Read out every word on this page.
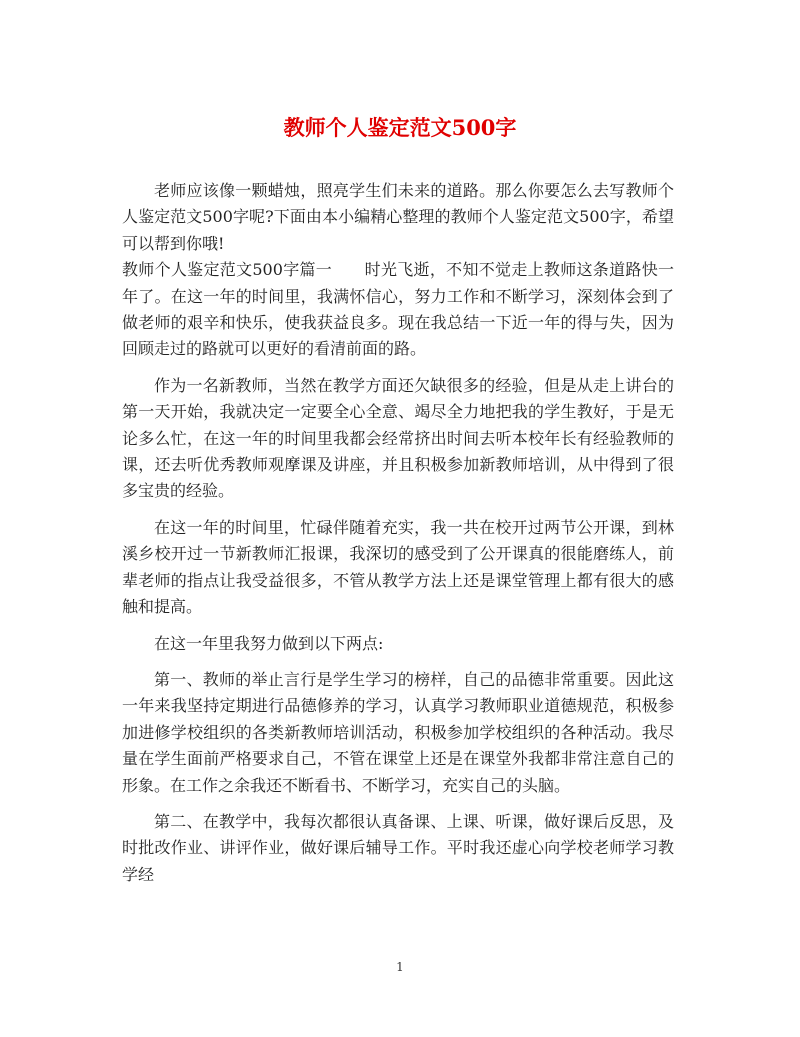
教师个人鉴定范文500字

老师应该像一颗蜡烛，照亮学生们未来的道路。那么你要怎么去写教师个人鉴定范文500字呢?下面由本小编精心整理的教师个人鉴定范文500字，希望可以帮到你哦!

教师个人鉴定范文500字篇一　　时光飞逝，不知不觉走上教师这条道路快一年了。在这一年的时间里，我满怀信心，努力工作和不断学习，深刻体会到了做老师的艰辛和快乐，使我获益良多。现在我总结一下近一年的得与失，因为回顾走过的路就可以更好的看清前面的路。

作为一名新教师，当然在教学方面还欠缺很多的经验，但是从走上讲台的第一天开始，我就决定一定要全心全意、竭尽全力地把我的学生教好，于是无论多么忙，在这一年的时间里我都会经常挤出时间去听本校年长有经验教师的课，还去听优秀教师观摩课及讲座，并且积极参加新教师培训，从中得到了很多宝贵的经验。

在这一年的时间里，忙碌伴随着充实，我一共在校开过两节公开课，到林溪乡校开过一节新教师汇报课，我深切的感受到了公开课真的很能磨练人，前辈老师的指点让我受益很多，不管从教学方法上还是课堂管理上都有很大的感触和提高。

在这一年里我努力做到以下两点:

第一、教师的举止言行是学生学习的榜样，自己的品德非常重要。因此这一年来我坚持定期进行品德修养的学习，认真学习教师职业道德规范，积极参加进修学校组织的各类新教师培训活动，积极参加学校组织的各种活动。我尽量在学生面前严格要求自己，不管在课堂上还是在课堂外我都非常注意自己的形象。在工作之余我还不断看书、不断学习，充实自己的头脑。

第二、在教学中，我每次都很认真备课、上课、听课，做好课后反思，及时批改作业、讲评作业，做好课后辅导工作。平时我还虚心向学校老师学习教学经

1
